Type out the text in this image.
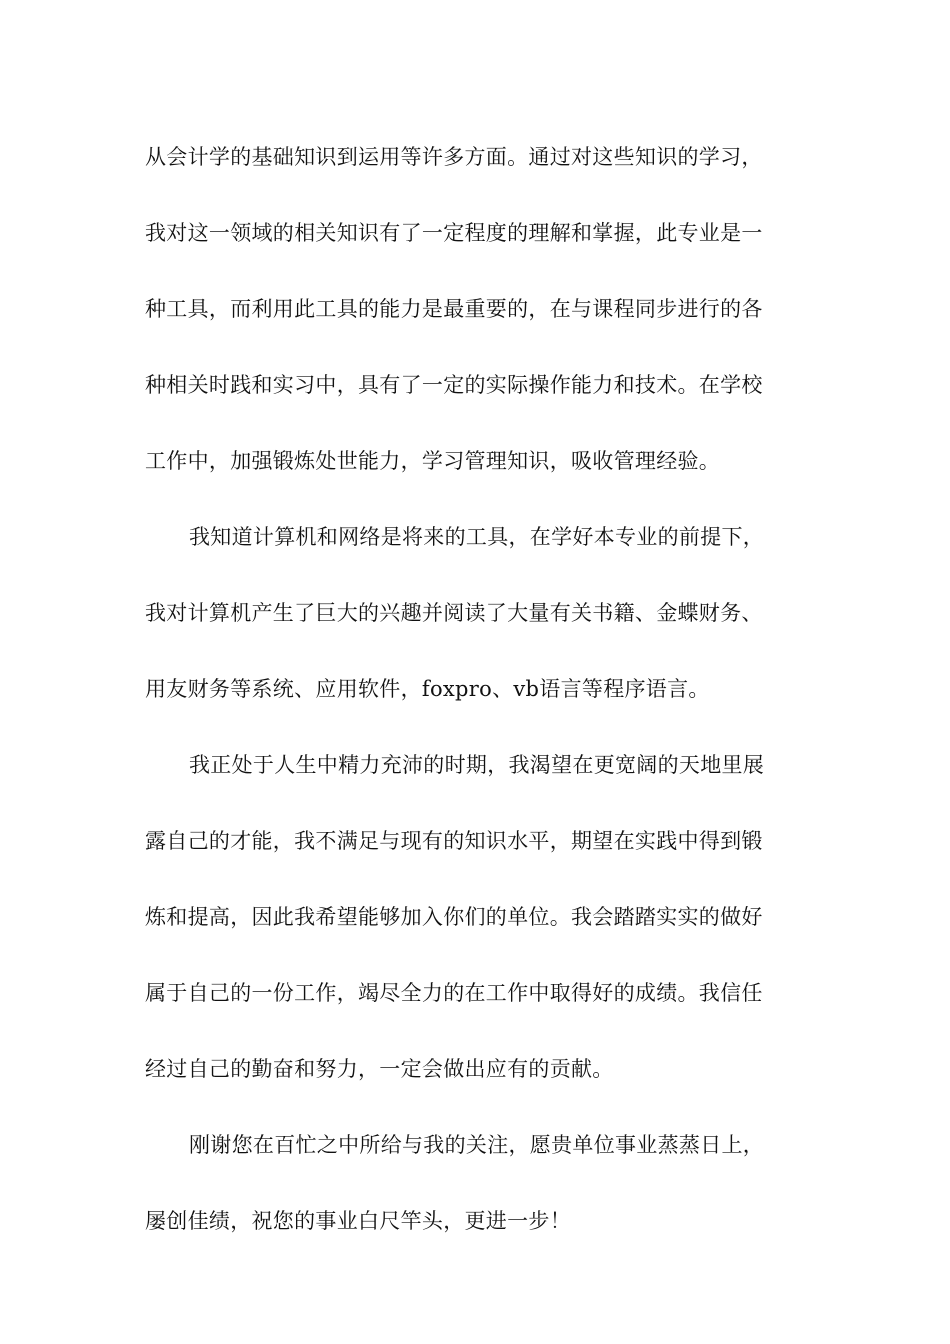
从会计学的基础知识到运用等许多方面。通过对这些知识的学习，
我对这一领域的相关知识有了一定程度的理解和掌握，此专业是一
种工具，而利用此工具的能力是最重要的，在与课程同步进行的各
种相关时践和实习中，具有了一定的实际操作能力和技术。在学校
工作中，加强锻炼处世能力，学习管理知识，吸收管理经验。
我知道计算机和网络是将来的工具，在学好本专业的前提下，
我对计算机产生了巨大的兴趣并阅读了大量有关书籍、金蝶财务、
用友财务等系统、应用软件，foxpro、vb语言等程序语言。
我正处于人生中精力充沛的时期，我渴望在更宽阔的天地里展
露自己的才能，我不满足与现有的知识水平，期望在实践中得到锻
炼和提高，因此我希望能够加入你们的单位。我会踏踏实实的做好
属于自己的一份工作，竭尽全力的在工作中取得好的成绩。我信任
经过自己的勤奋和努力，一定会做出应有的贡献。
刚谢您在百忙之中所给与我的关注，愿贵单位事业蒸蒸日上，
屡创佳绩，祝您的事业白尺竿头，更进一步！
